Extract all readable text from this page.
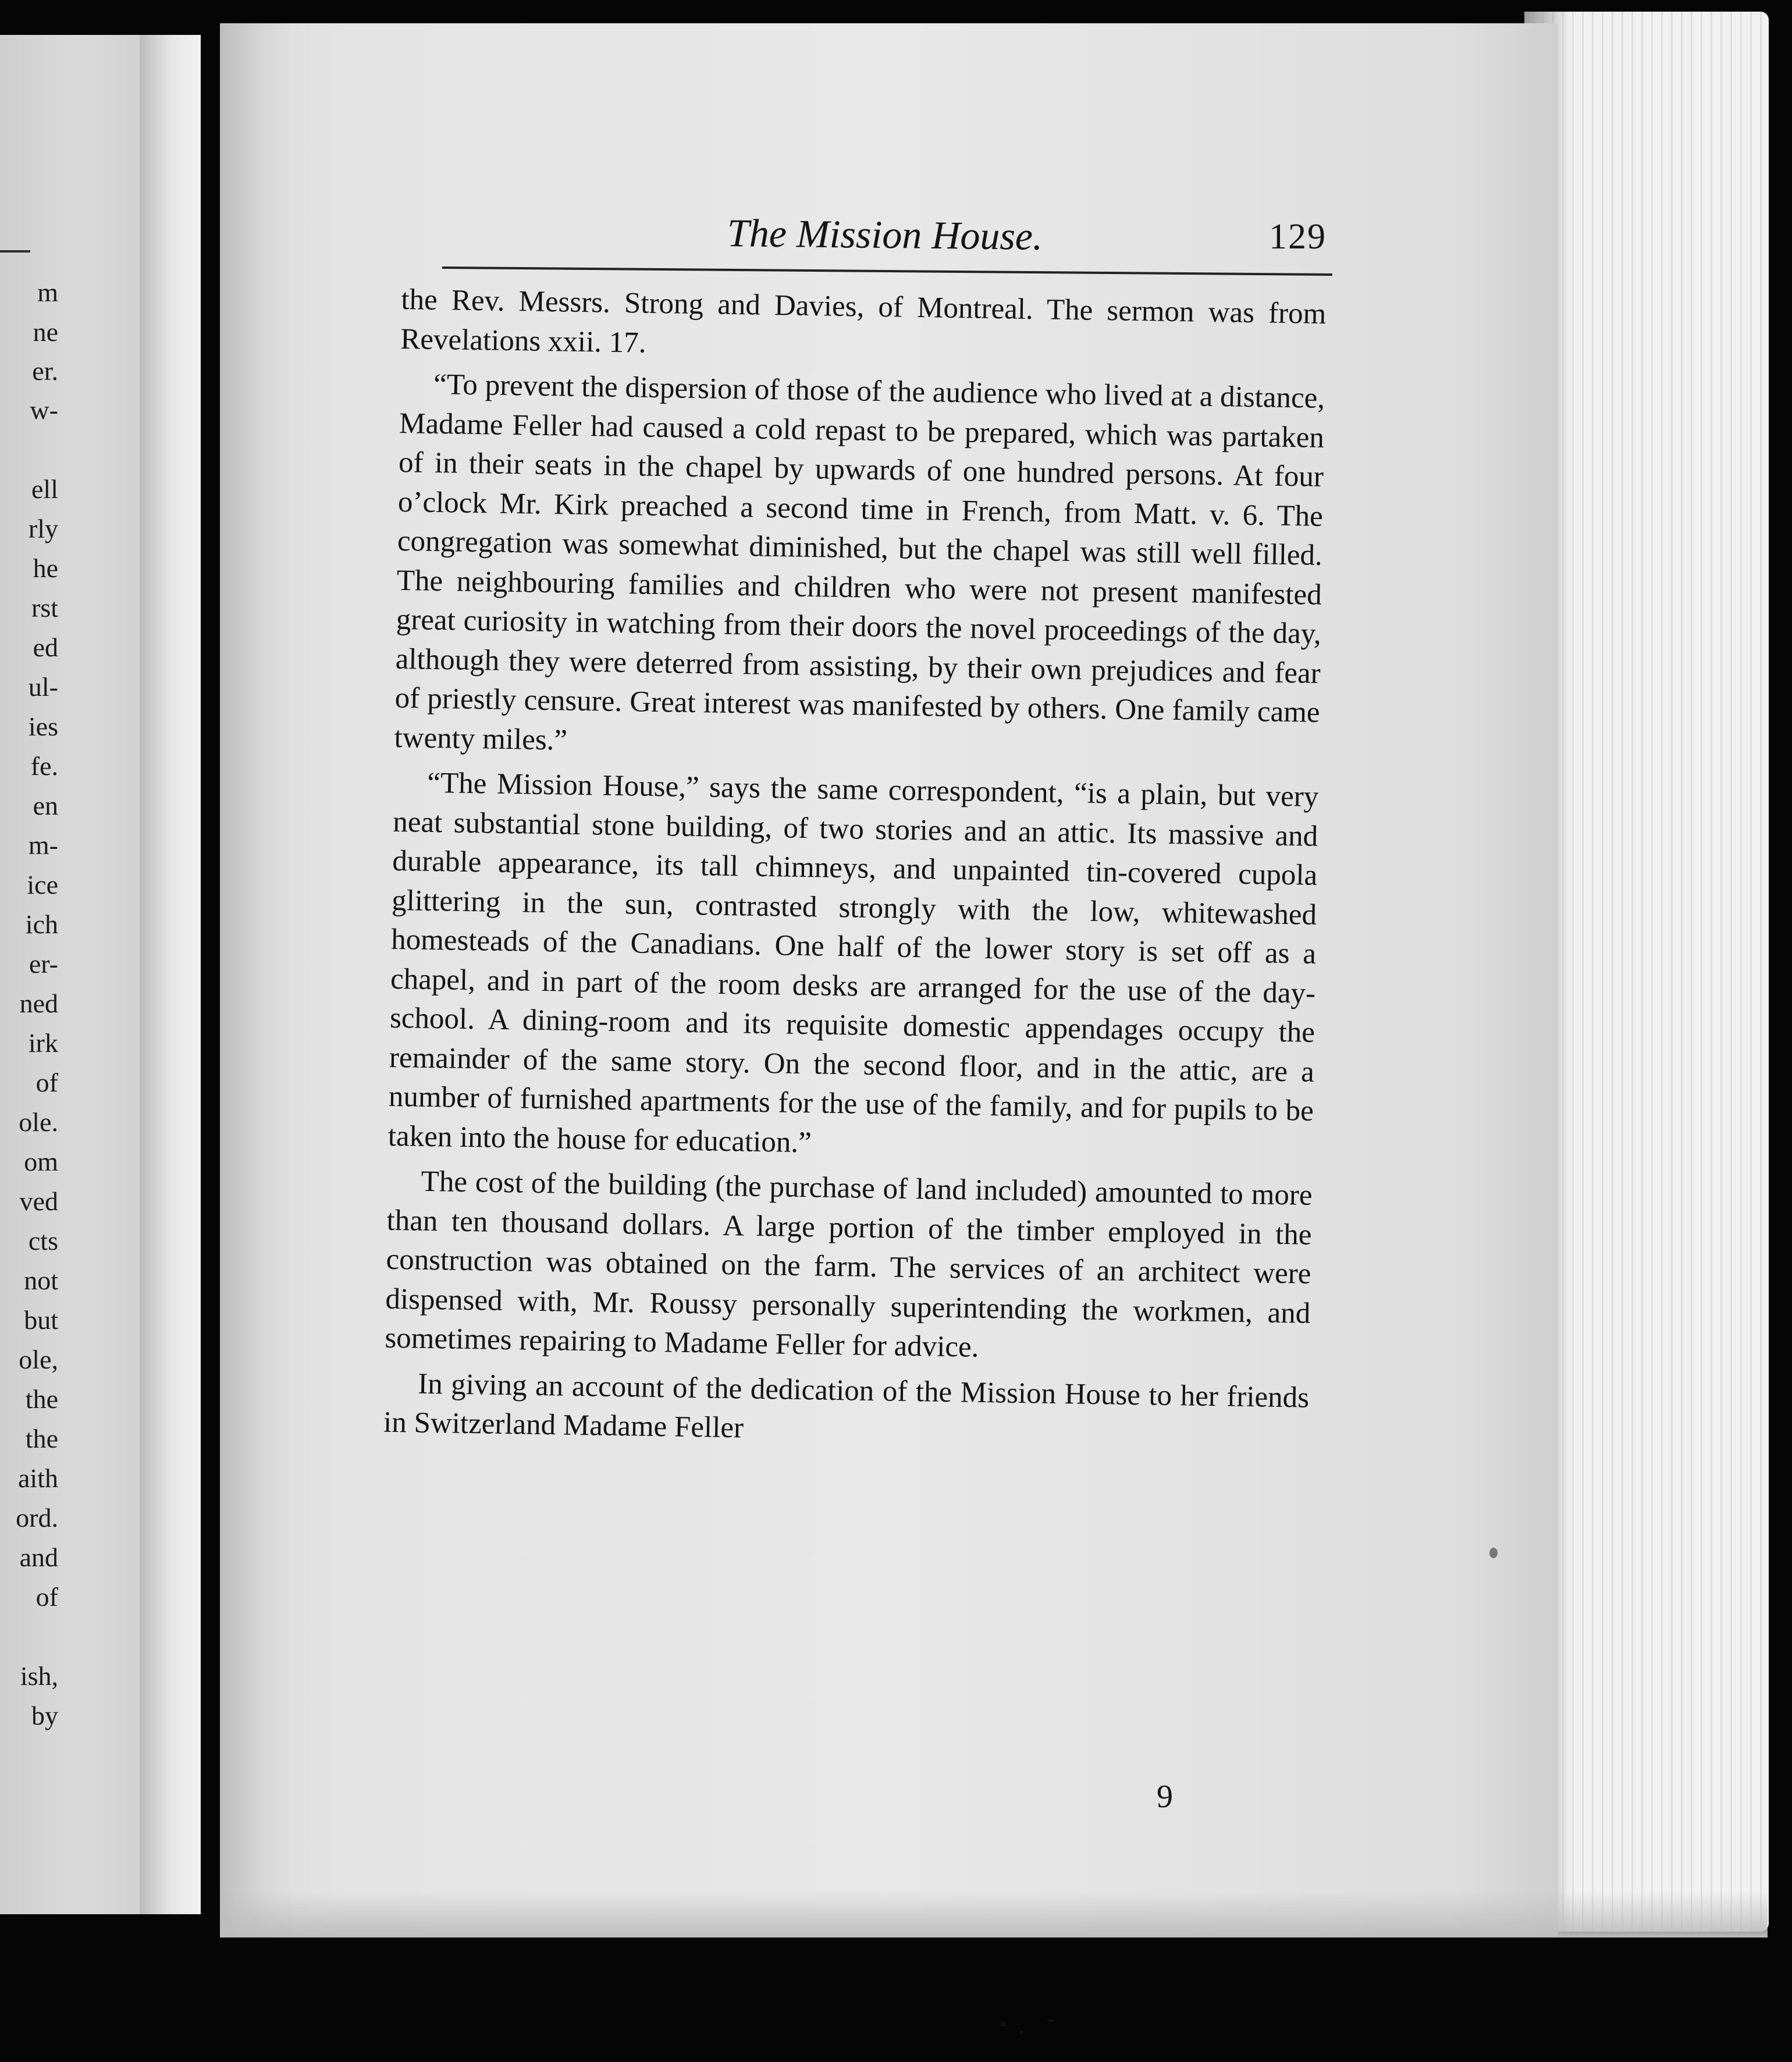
m
ne
er.
w-
ell
rly
he
rst
ed
ul-
ies
fe.
en
m-
ice
ich
er-
ned
irk
of
ole.
om
ved
cts
not
but
ole,
the
the
aith
ord.
and
of
ish,
by
The Mission House.	129

the Rev. Messrs. Strong and Davies, of Montreal. The sermon was from Revelations xxii. 17.

“To prevent the dispersion of those of the audience who lived at a distance, Madame Feller had caused a cold repast to be prepared, which was partaken of in their seats in the chapel by upwards of one hundred persons. At four o’clock Mr. Kirk preached a second time in French, from Matt. v. 6. The congregation was somewhat diminished, but the chapel was still well filled. The neighbouring families and children who were not present manifested great curiosity in watching from their doors the novel proceedings of the day, although they were deterred from assisting, by their own prejudices and fear of priestly censure. Great interest was manifested by others. One family came twenty miles.”

“The Mission House,” says the same correspondent, “is a plain, but very neat substantial stone building, of two stories and an attic. Its massive and durable appearance, its tall chimneys, and unpainted tin-covered cupola glittering in the sun, contrasted strongly with the low, whitewashed homesteads of the Canadians. One half of the lower story is set off as a chapel, and in part of the room desks are arranged for the use of the day-school. A dining-room and its requisite domestic appendages occupy the remainder of the same story. On the second floor, and in the attic, are a number of furnished apartments for the use of the family, and for pupils to be taken into the house for education.”

The cost of the building (the purchase of land included) amounted to more than ten thousand dollars. A large portion of the timber employed in the construction was obtained on the farm. The services of an architect were dispensed with, Mr. Roussy personally superintending the workmen, and sometimes repairing to Madame Feller for advice.

In giving an account of the dedication of the Mission House to her friends in Switzerland Madame Feller

9
